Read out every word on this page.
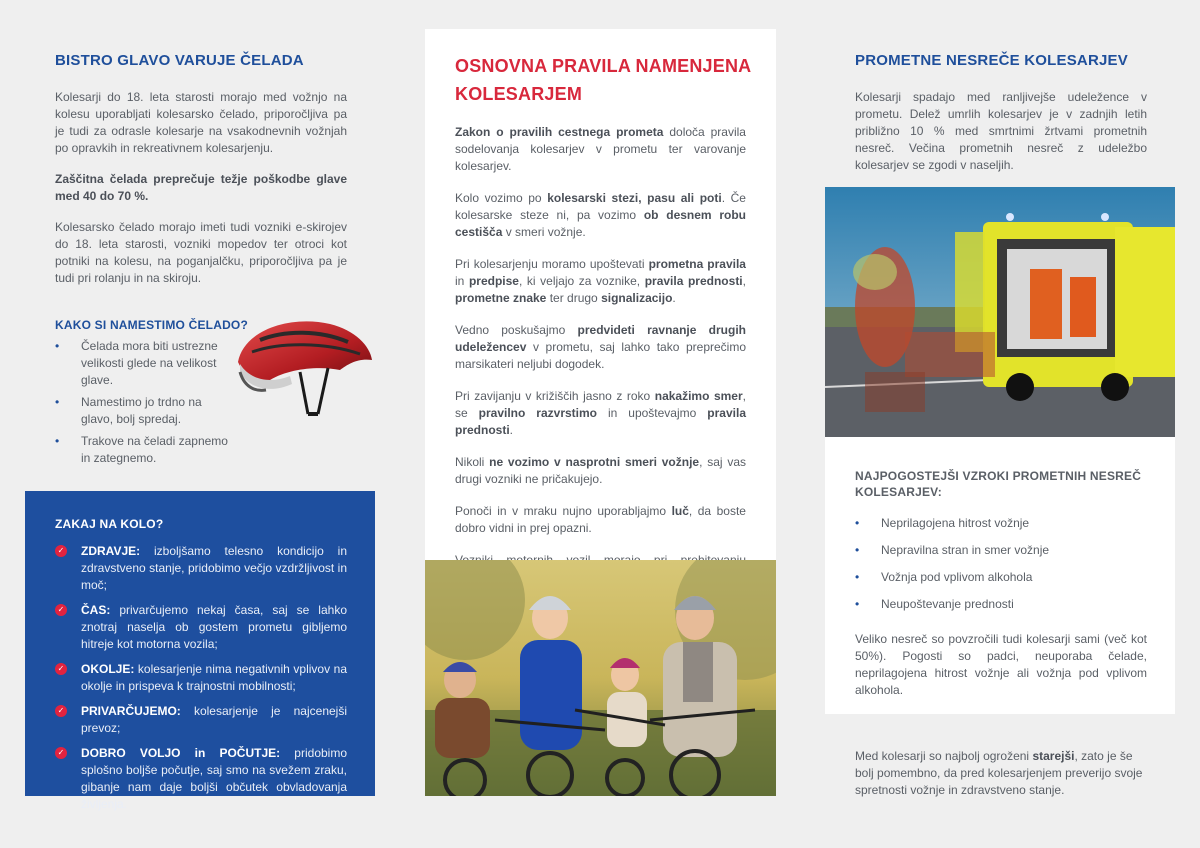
BISTRO GLAVO VARUJE ČELADA

Kolesarji do 18. leta starosti morajo med vožnjo na kolesu uporabljati kolesarsko čelado, priporočljiva pa je tudi za odrasle kolesarje na vsakodnevnih vožnjah po opravkih in rekreativnem kolesarjenju.

Zaščitna čelada preprečuje težje poškodbe glave med 40 do 70 %.

Kolesarsko čelado morajo imeti tudi vozniki e-skirojev do 18. leta starosti, vozniki mopedov ter otroci kot potniki na kolesu, na poganjalčku, priporočljiva pa je tudi pri rolanju in na skiroju.

KAKO SI NAMESTIMO ČELADO?
• Čelada mora biti ustrezne velikosti glede na velikost glave.
• Namestimo jo trdno na glavo, bolj spredaj.
• Trakove na čeladi zapnemo in zategnemo.
ZAKAJ NA KOLO?
✓ ZDRAVJE: izboljšamo telesno kondicijo in zdravstveno stanje, pridobimo večjo vzdržljivost in moč;
✓ ČAS: privarčujemo nekaj časa, saj se lahko znotraj naselja ob gostem prometu gibljemo hitreje kot motorna vozila;
✓ OKOLJE: kolesarjenje nima negativnih vplivov na okolje in prispeva k trajnostni mobilnosti;
✓ PRIVARČUJEMO: kolesarjenje je najcenejši prevoz;
✓ DOBRO VOLJO in POČUTJE: pridobimo splošno boljše počutje, saj smo na svežem zraku, gibanje nam daje boljši občutek obvladovanja življenja.
OSNOVNA PRAVILA NAMENJENA KOLESARJEM

Zakon o pravilih cestnega prometa določa pravila sodelovanja kolesarjev v prometu ter varovanje kolesarjev.

Kolo vozimo po kolesarski stezi, pasu ali poti. Če kolesarske steze ni, pa vozimo ob desnem robu cestišča v smeri vožnje.

Pri kolesarjenju moramo upoštevati prometna pravila in predpise, ki veljajo za voznike, pravila prednosti, prometne znake ter drugo signalizacijo.

Vedno poskušajmo predvideti ravnanje drugih udeležencev v prometu, saj lahko tako preprečimo marsikateri neljubi dogodek.

Pri zavijanju v križiščih jasno z roko nakažimo smer, se pravilno razvrstimo in upoštevajmo pravila prednosti.

Nikoli ne vozimo v nasprotni smeri vožnje, saj vas drugi vozniki ne pričakujejo.

Ponoči in v mraku nujno uporabljajmo luč, da boste dobro vidni in prej opazni.

PROMETNE NESREČE KOLESARJEV

Kolesarji spadajo med ranljivejše udeležence v prometu. Delež umrlih kolesarjev je v zadnjih letih približno 10 % med smrtnimi žrtvami prometnih nesreč. Večina prometnih nesreč z udeležbo kolesarjev se zgodi v naseljih.

NAJPOGOSTEJŠI VZROKI PROMETNIH NESREČ KOLESARJEV:
• Neprilagojena hitrost vožnje
• Nepravilna stran in smer vožnje
• Vožnja pod vplivom alkohola
• Neupoštevanje prednosti

Veliko nesreč so povzročili tudi kolesarji sami (več kot 50%). Pogosti so padci, neuporaba čelade, neprilagojena hitrost vožnje ali vožnja pod vplivom alkohola.

Med kolesarji so najbolj ogroženi starejši, zato je še bolj pomembno, da pred kolesarjenjem preverijo svoje spretnosti vožnje in zdravstveno stanje.
